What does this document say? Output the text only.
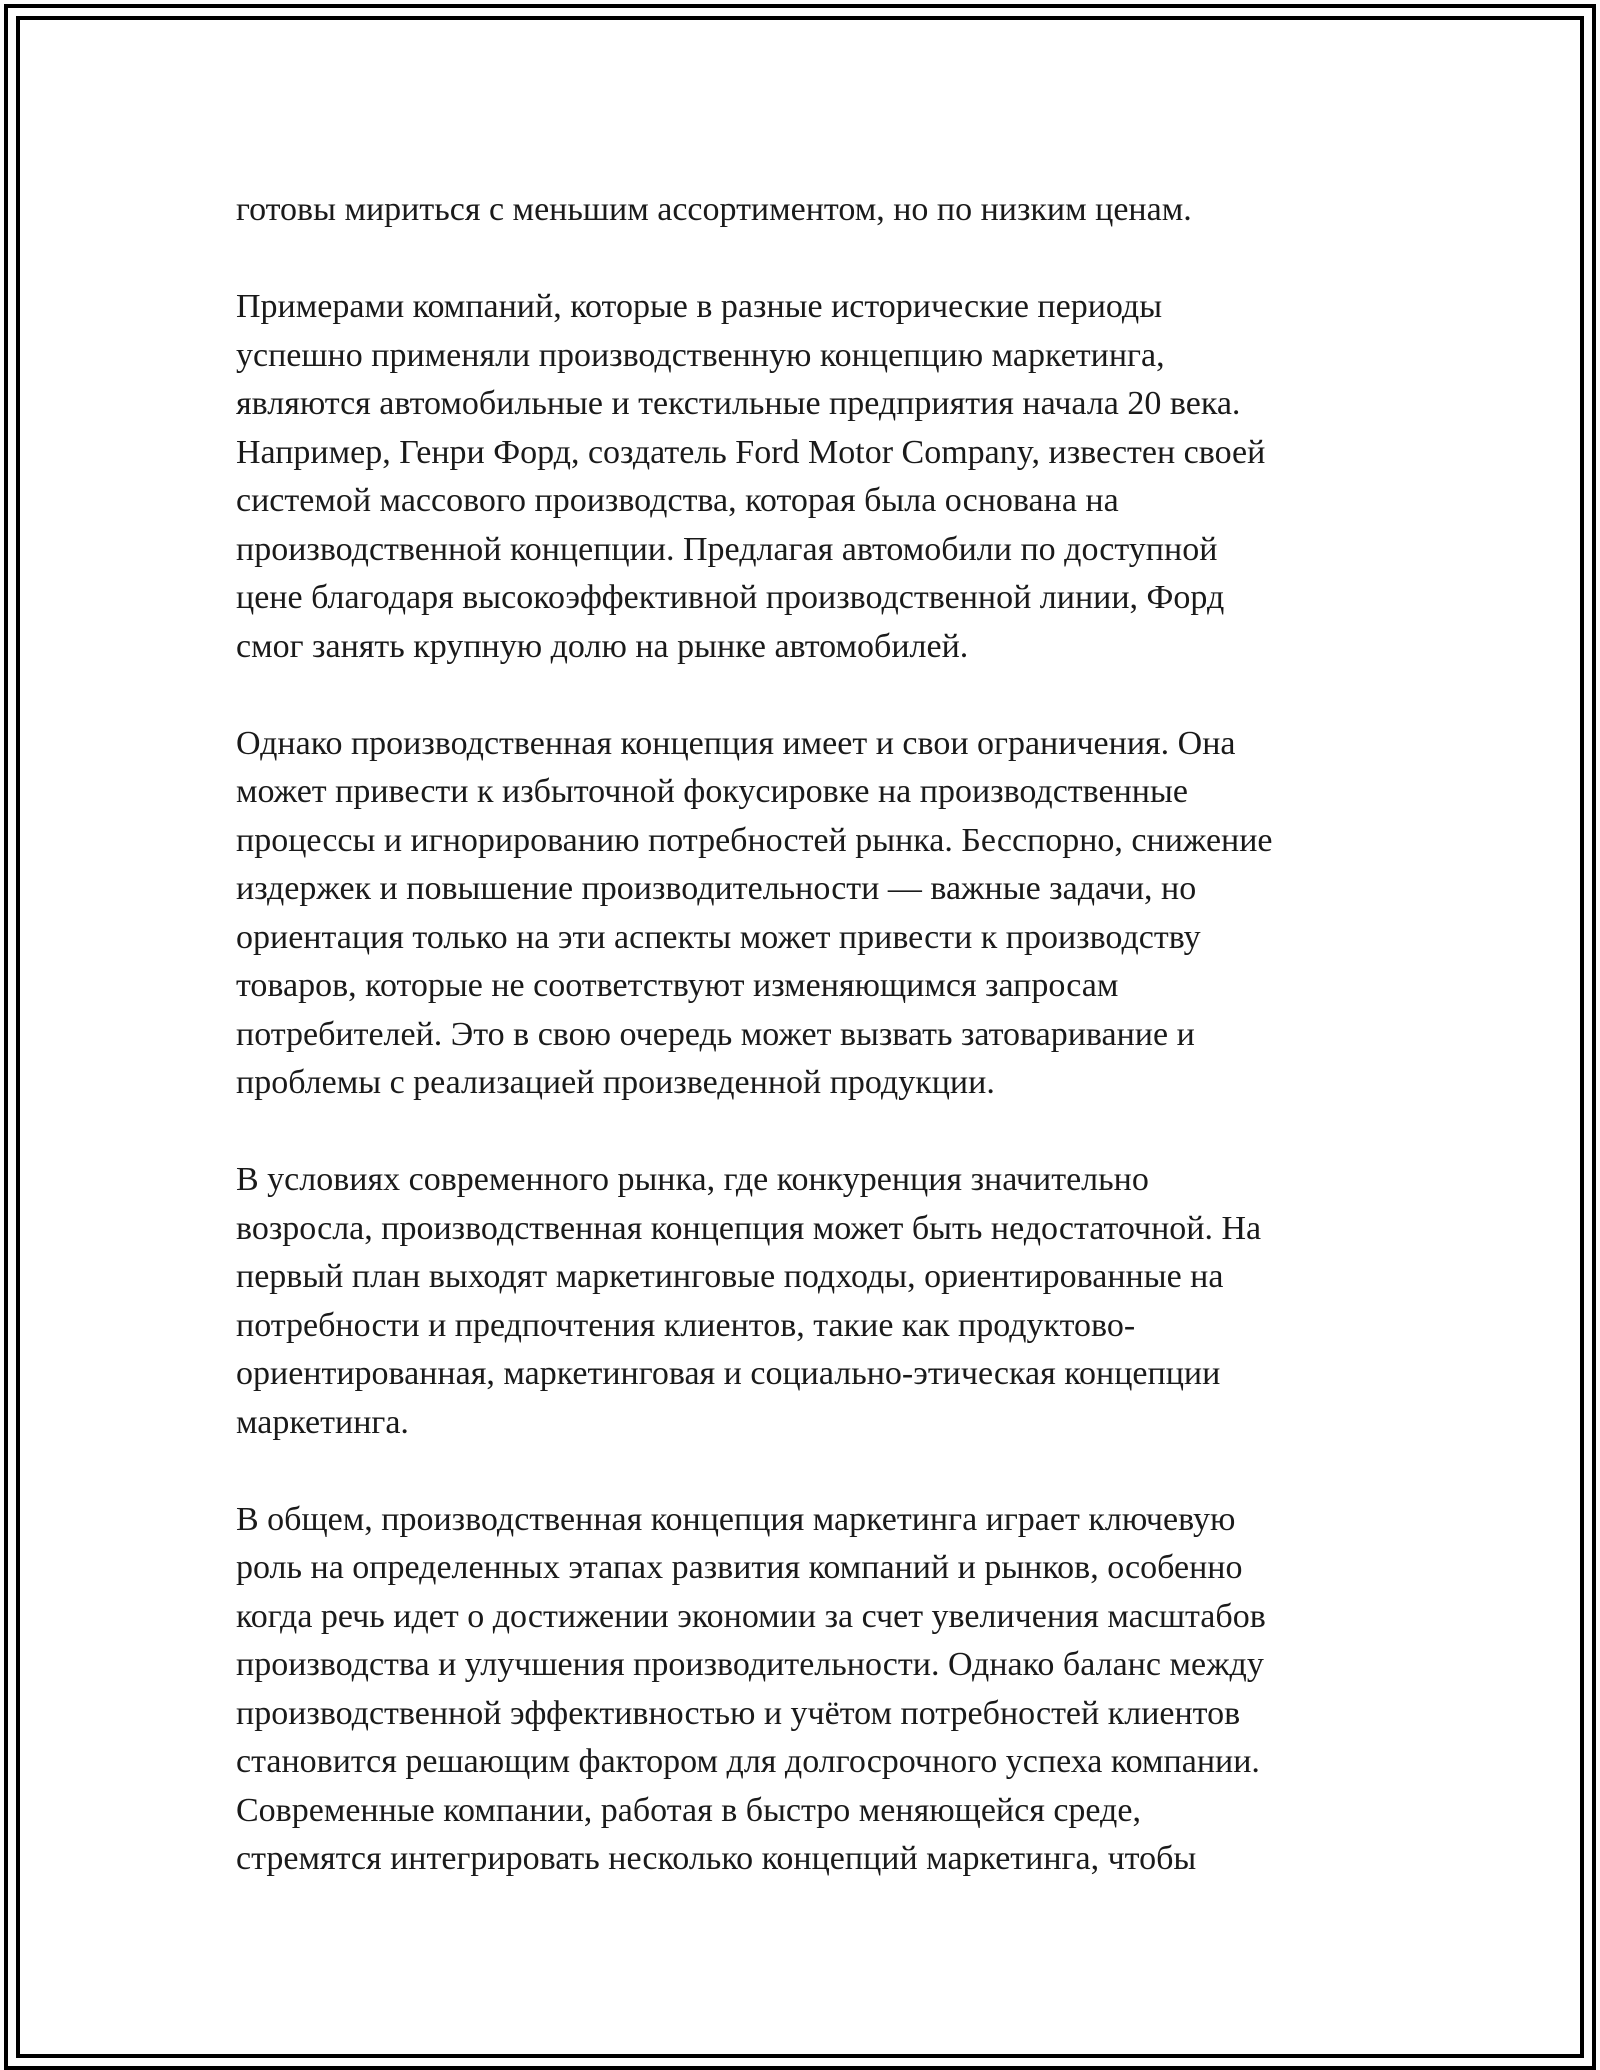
готовы мириться с меньшим ассортиментом, но по низким ценам.
Примерами компаний, которые в разные исторические периоды
успешно применяли производственную концепцию маркетинга,
являются автомобильные и текстильные предприятия начала 20 века.
Например, Генри Форд, создатель Ford Motor Company, известен своей
системой массового производства, которая была основана на
производственной концепции. Предлагая автомобили по доступной
цене благодаря высокоэффективной производственной линии, Форд
смог занять крупную долю на рынке автомобилей.
Однако производственная концепция имеет и свои ограничения. Она
может привести к избыточной фокусировке на производственные
процессы и игнорированию потребностей рынка. Бесспорно, снижение
издержек и повышение производительности — важные задачи, но
ориентация только на эти аспекты может привести к производству
товаров, которые не соответствуют изменяющимся запросам
потребителей. Это в свою очередь может вызвать затоваривание и
проблемы с реализацией произведенной продукции.
В условиях современного рынка, где конкуренция значительно
возросла, производственная концепция может быть недостаточной. На
первый план выходят маркетинговые подходы, ориентированные на
потребности и предпочтения клиентов, такие как продуктово-
ориентированная, маркетинговая и социально-этическая концепции
маркетинга.
В общем, производственная концепция маркетинга играет ключевую
роль на определенных этапах развития компаний и рынков, особенно
когда речь идет о достижении экономии за счет увеличения масштабов
производства и улучшения производительности. Однако баланс между
производственной эффективностью и учётом потребностей клиентов
становится решающим фактором для долгосрочного успеха компании.
Современные компании, работая в быстро меняющейся среде,
стремятся интегрировать несколько концепций маркетинга, чтобы
